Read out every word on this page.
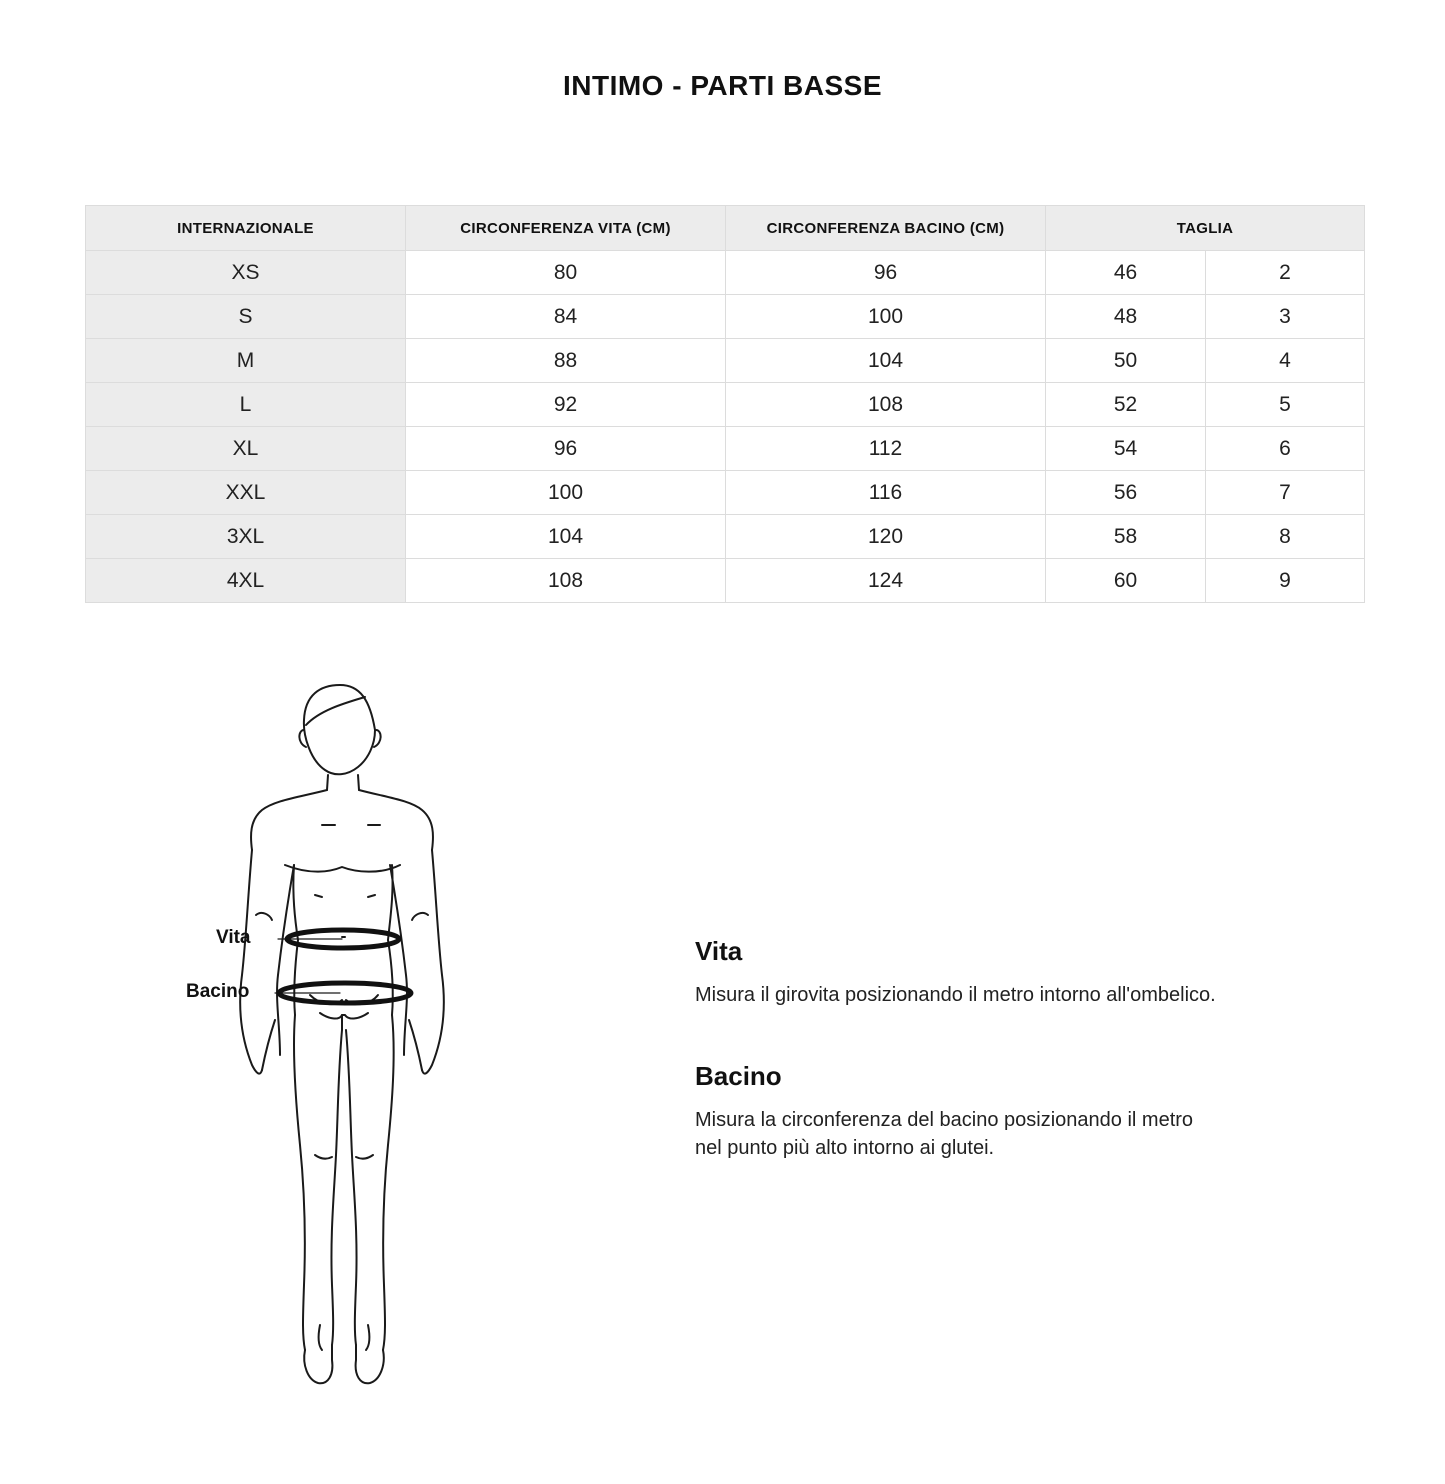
INTIMO - PARTI BASSE
INTERNAZIONALE	CIRCONFERENZA VITA (CM)	CIRCONFERENZA BACINO (CM)	TAGLIA	
XS	80	96	46	2
S	84	100	48	3
M	88	104	50	4
L	92	108	52	5
XL	96	112	54	6
XXL	100	116	56	7
3XL	104	120	58	8
4XL	108	124	60	9
Vita
Bacino
Vita

Misura il girovita posizionando il metro intorno all'ombelico.

Bacino

Misura la circonferenza del bacino posizionando il metro

nel punto più alto intorno ai glutei.
